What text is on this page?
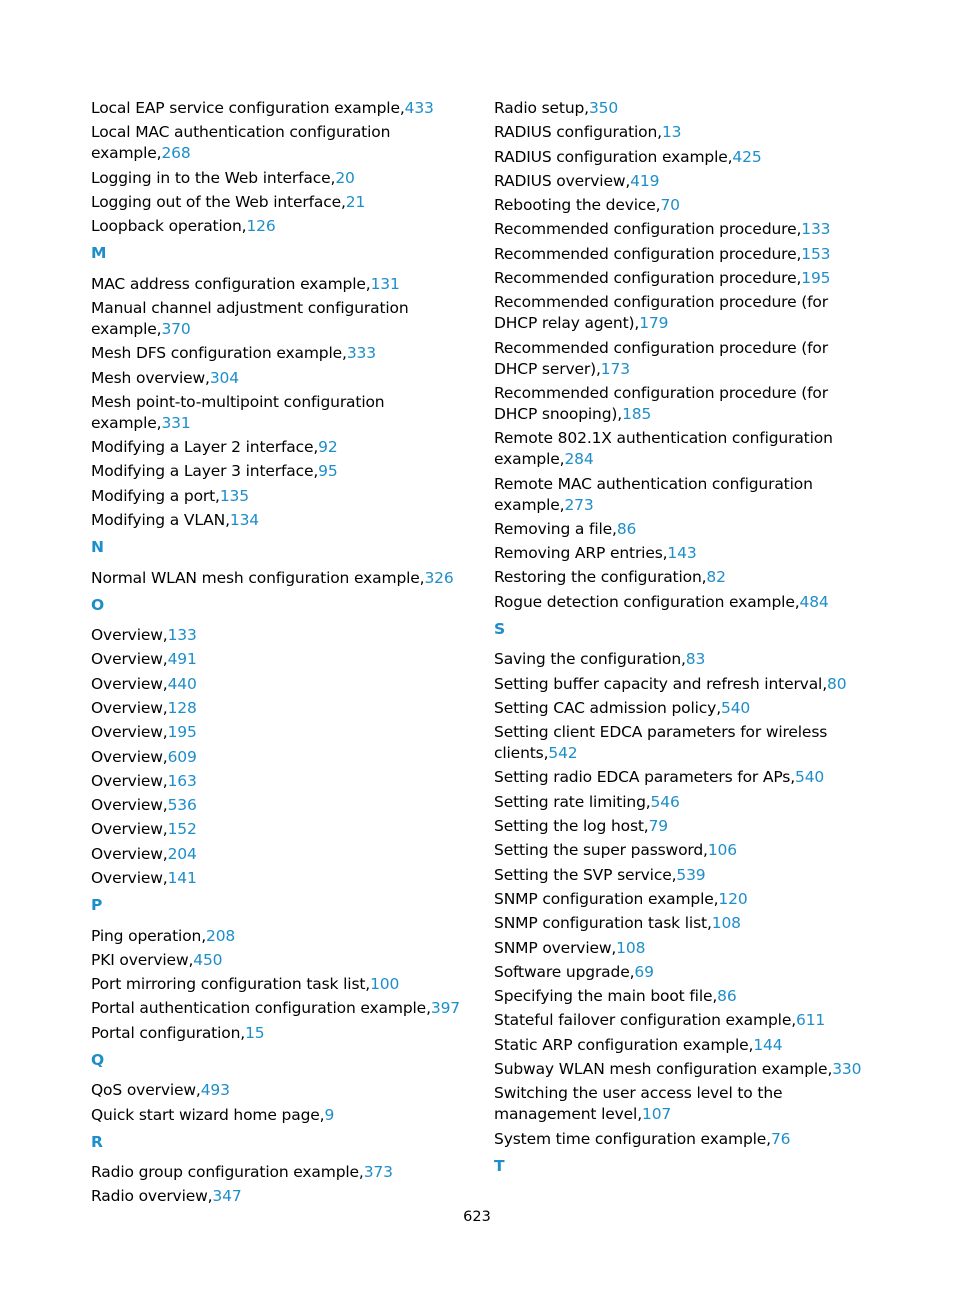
Local EAP service configuration example,433
Local MAC authentication configuration example,268
Logging in to the Web interface,20
Logging out of the Web interface,21
Loopback operation,126
M
MAC address configuration example,131
Manual channel adjustment configuration example,370
Mesh DFS configuration example,333
Mesh overview,304
Mesh point-to-multipoint configuration example,331
Modifying a Layer 2 interface,92
Modifying a Layer 3 interface,95
Modifying a port,135
Modifying a VLAN,134
N
Normal WLAN mesh configuration example,326
O
Overview,133
Overview,491
Overview,440
Overview,128
Overview,195
Overview,609
Overview,163
Overview,536
Overview,152
Overview,204
Overview,141
P
Ping operation,208
PKI overview,450
Port mirroring configuration task list,100
Portal authentication configuration example,397
Portal configuration,15
Q
QoS overview,493
Quick start wizard home page,9
R
Radio group configuration example,373
Radio overview,347
Radio setup,350
RADIUS configuration,13
RADIUS configuration example,425
RADIUS overview,419
Rebooting the device,70
Recommended configuration procedure,133
Recommended configuration procedure,153
Recommended configuration procedure,195
Recommended configuration procedure (for DHCP relay agent),179
Recommended configuration procedure (for DHCP server),173
Recommended configuration procedure (for DHCP snooping),185
Remote 802.1X authentication configuration example,284
Remote MAC authentication configuration example,273
Removing a file,86
Removing ARP entries,143
Restoring the configuration,82
Rogue detection configuration example,484
S
Saving the configuration,83
Setting buffer capacity and refresh interval,80
Setting CAC admission policy,540
Setting client EDCA parameters for wireless clients,542
Setting radio EDCA parameters for APs,540
Setting rate limiting,546
Setting the log host,79
Setting the super password,106
Setting the SVP service,539
SNMP configuration example,120
SNMP configuration task list,108
SNMP overview,108
Software upgrade,69
Specifying the main boot file,86
Stateful failover configuration example,611
Static ARP configuration example,144
Subway WLAN mesh configuration example,330
Switching the user access level to the management level,107
System time configuration example,76
T
623
